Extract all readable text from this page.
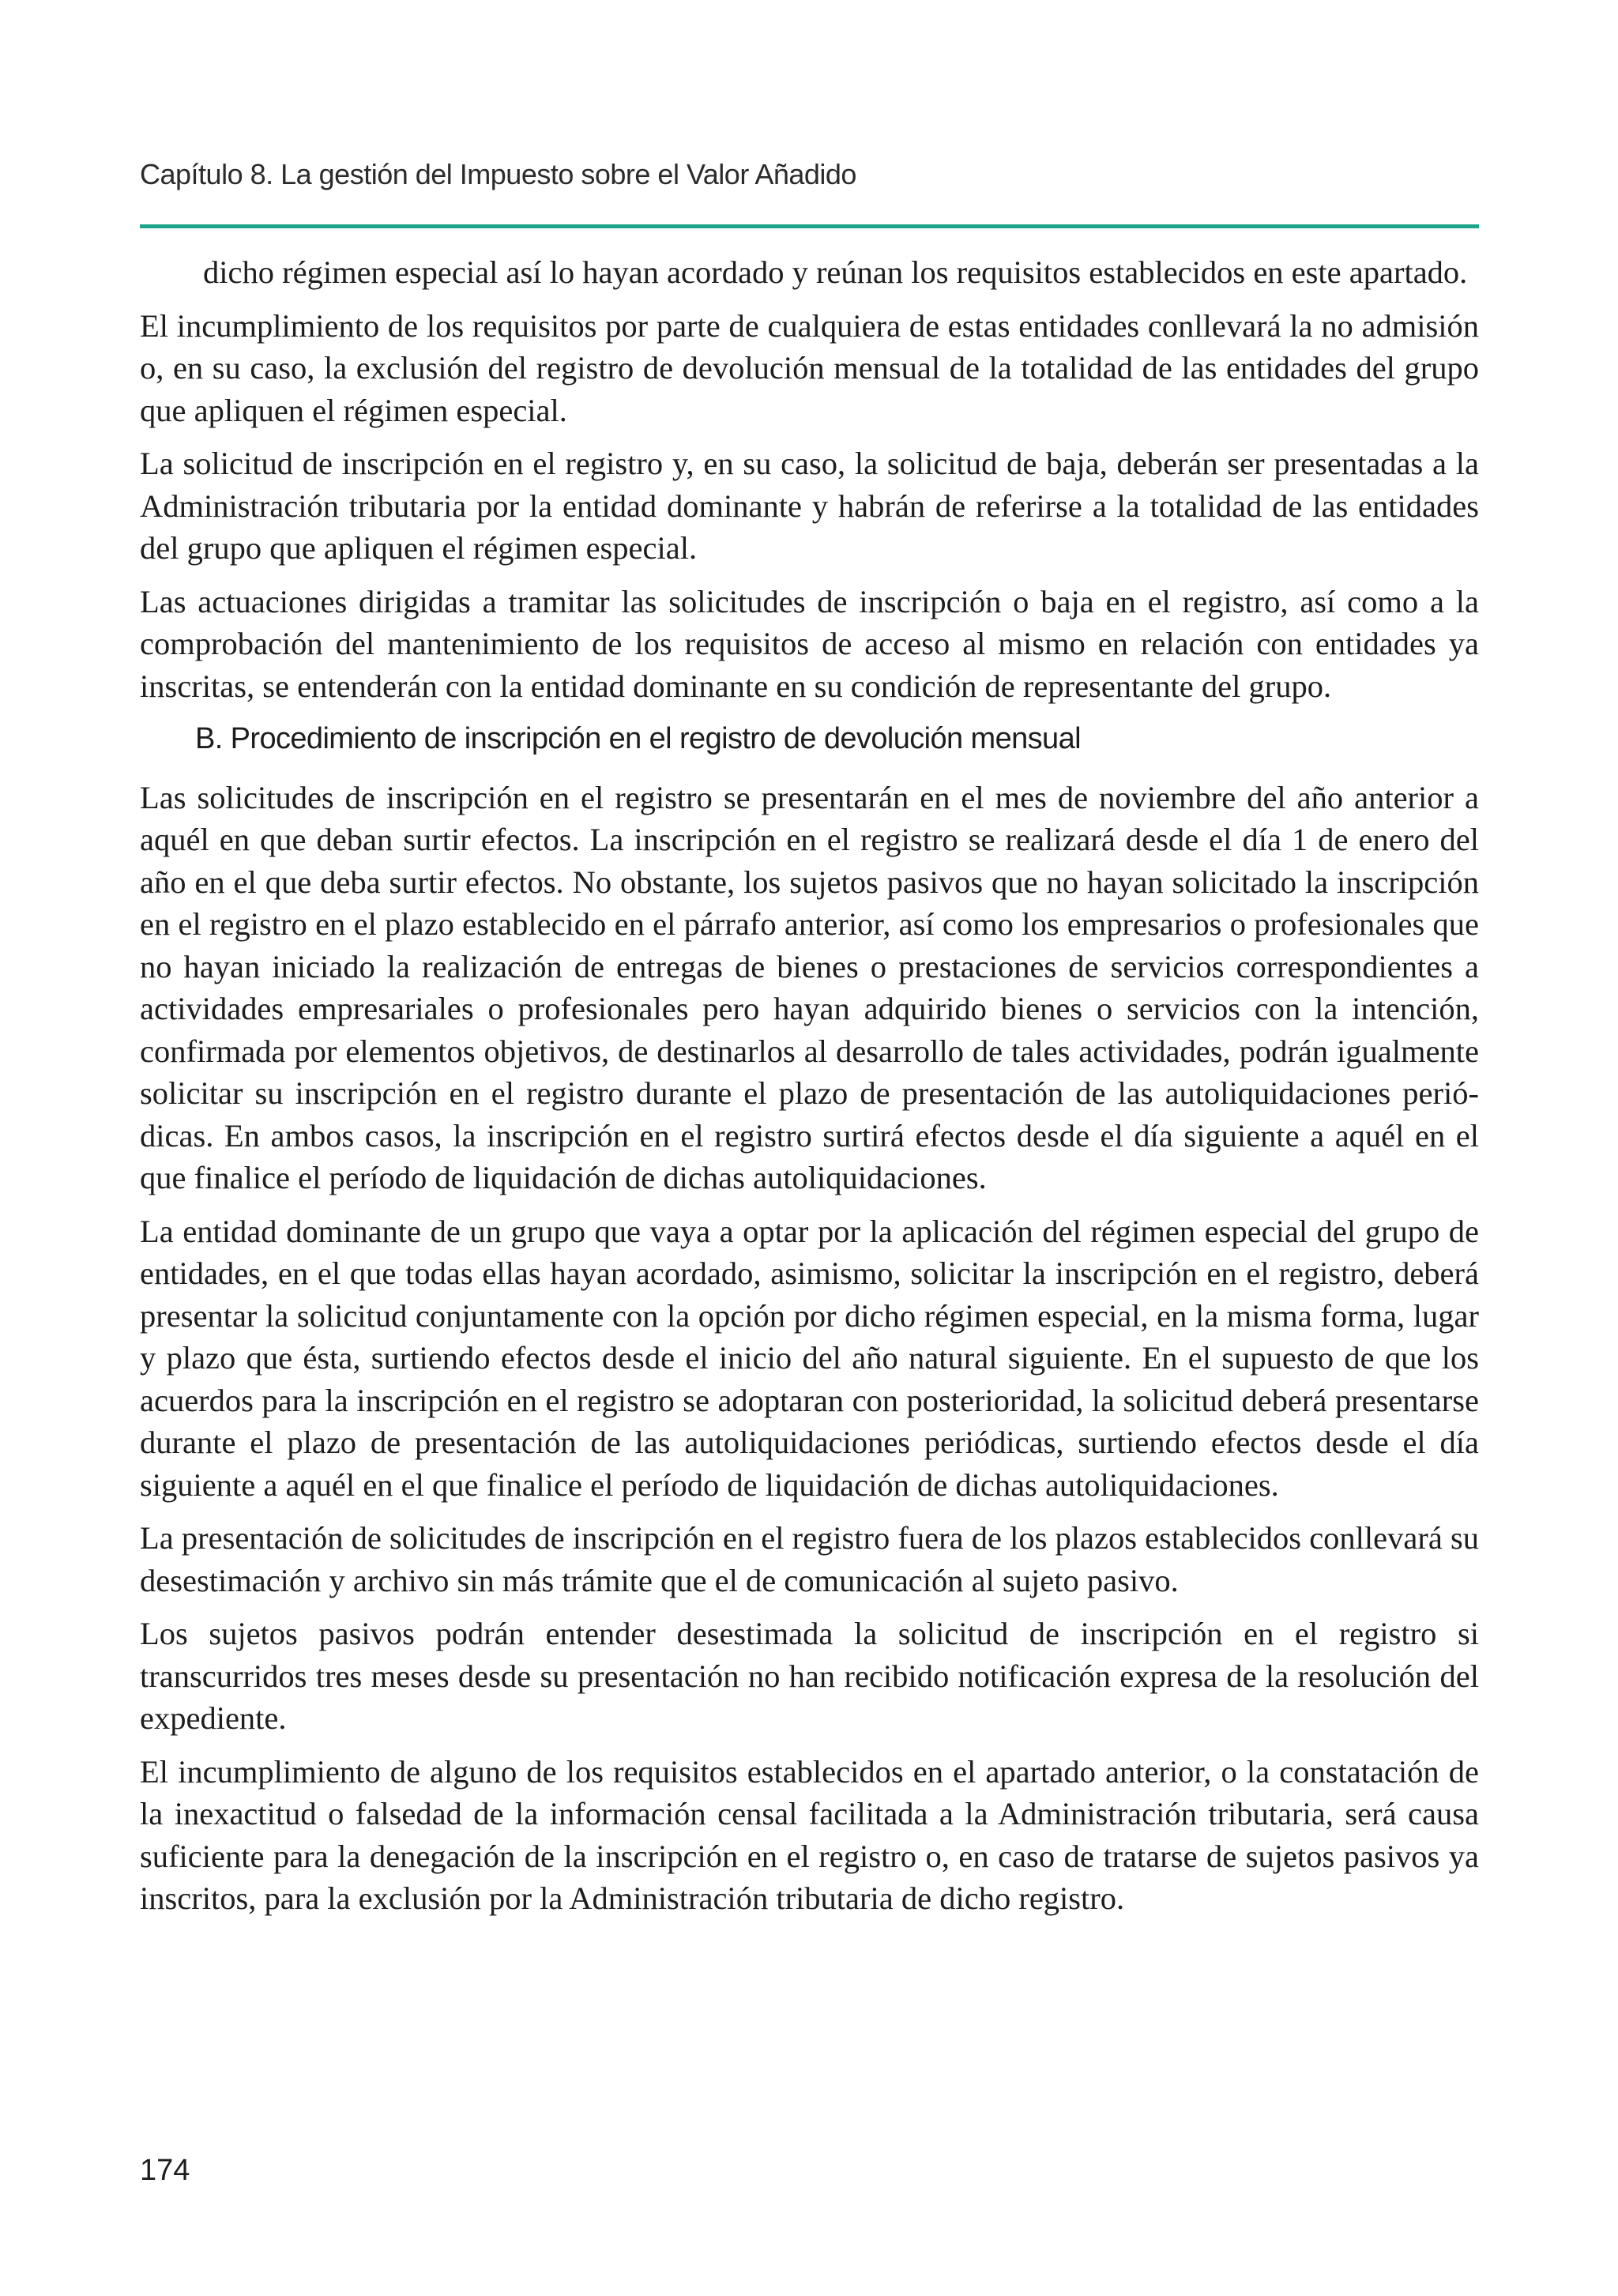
Capítulo 8. La gestión del Impuesto sobre el Valor Añadido

dicho régimen especial así lo hayan acordado y reúnan los requisitos establecidos en este apartado.

El incumplimiento de los requisitos por parte de cualquiera de estas entidades conllevará la no admisión o, en su caso, la exclusión del registro de devolución mensual de la totalidad de las entidades del grupo que apliquen el régimen especial.

La solicitud de inscripción en el registro y, en su caso, la solicitud de baja, deberán ser presentadas a la Administración tributaria por la entidad dominante y habrán de referirse a la totalidad de las entidades del grupo que apliquen el régimen especial.

Las actuaciones dirigidas a tramitar las solicitudes de inscripción o baja en el registro, así como a la comprobación del mantenimiento de los requisitos de acceso al mismo en relación con entidades ya inscritas, se entenderán con la entidad dominante en su condición de representante del grupo.

B. Procedimiento de inscripción en el registro de devolución mensual

Las solicitudes de inscripción en el registro se presentarán en el mes de noviembre del año anterior a aquél en que deban surtir efectos. La inscripción en el registro se realizará desde el día 1 de enero del año en el que deba surtir efectos. No obstante, los sujetos pasivos que no hayan solicitado la inscripción en el registro en el plazo establecido en el párrafo anterior, así como los empresarios o profesionales que no hayan iniciado la realización de entregas de bienes o prestaciones de servicios correspondientes a actividades empresariales o profesionales pero hayan adquirido bienes o servicios con la intención, confirmada por elementos objetivos, de destinarlos al desarrollo de tales actividades, podrán igualmente solicitar su inscripción en el registro durante el plazo de presentación de las autoliquidaciones periódicas. En ambos casos, la inscripción en el registro surtirá efectos desde el día siguiente a aquél en el que finalice el período de liquidación de dichas autoliquidaciones.

La entidad dominante de un grupo que vaya a optar por la aplicación del régimen especial del grupo de entidades, en el que todas ellas hayan acordado, asimismo, solicitar la inscripción en el registro, deberá presentar la solicitud conjuntamente con la opción por dicho régimen especial, en la misma forma, lugar y plazo que ésta, surtiendo efectos desde el inicio del año natural siguiente. En el supuesto de que los acuerdos para la inscripción en el registro se adoptaran con posterioridad, la solicitud deberá presentarse durante el plazo de presentación de las autoliquidaciones periódicas, surtiendo efectos desde el día siguiente a aquél en el que finalice el período de liquidación de dichas autoliquidaciones.

La presentación de solicitudes de inscripción en el registro fuera de los plazos establecidos conllevará su desestimación y archivo sin más trámite que el de comunicación al sujeto pasivo.

Los sujetos pasivos podrán entender desestimada la solicitud de inscripción en el registro si transcurridos tres meses desde su presentación no han recibido notificación expresa de la resolución del expediente.

El incumplimiento de alguno de los requisitos establecidos en el apartado anterior, o la constatación de la inexactitud o falsedad de la información censal facilitada a la Administración tributaria, será causa suficiente para la denegación de la inscripción en el registro o, en caso de tratarse de sujetos pasivos ya inscritos, para la exclusión por la Administración tributaria de dicho registro.

174
